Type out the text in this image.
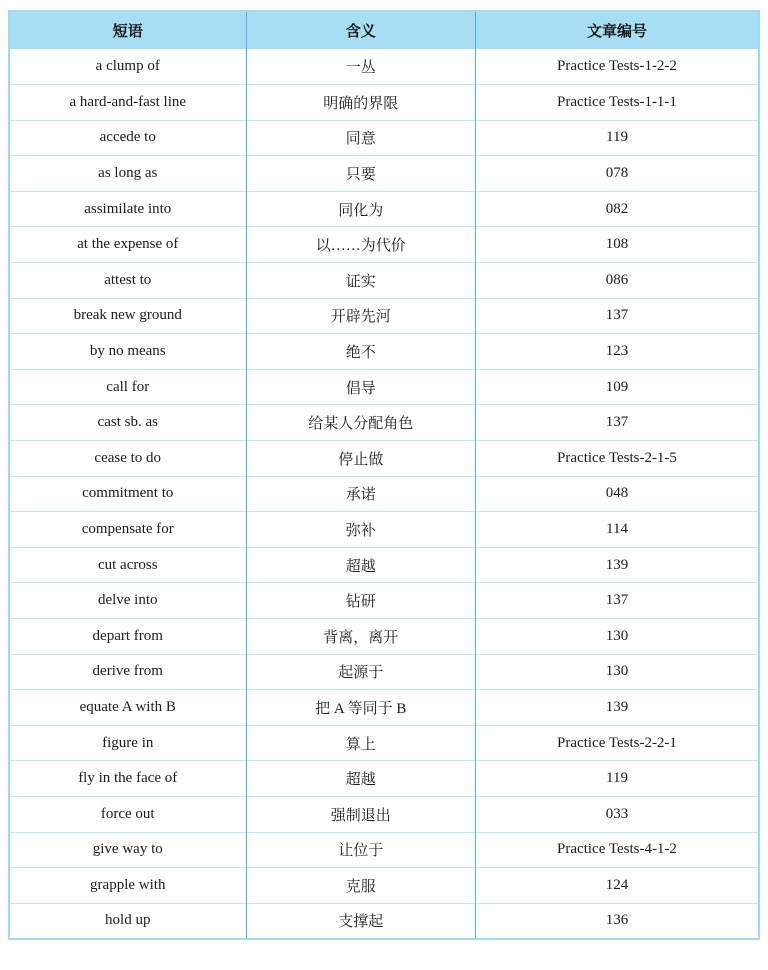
短语	含义	文章编号
a clump of	一丛	Practice Tests-1-2-2
a hard-and-fast line	明确的界限	Practice Tests-1-1-1
accede to	同意	119
as long as	只要	078
assimilate into	同化为	082
at the expense of	以……为代价	108
attest to	证实	086
break new ground	开辟先河	137
by no means	绝不	123
call for	倡导	109
cast sb. as	给某人分配角色	137
cease to do	停止做	Practice Tests-2-1-5
commitment to	承诺	048
compensate for	弥补	114
cut across	超越	139
delve into	钻研	137
depart from	背离，离开	130
derive from	起源于	130
equate A with B	把 A 等同于 B	139
figure in	算上	Practice Tests-2-2-1
fly in the face of	超越	119
force out	强制退出	033
give way to	让位于	Practice Tests-4-1-2
grapple with	克服	124
hold up	支撑起	136
